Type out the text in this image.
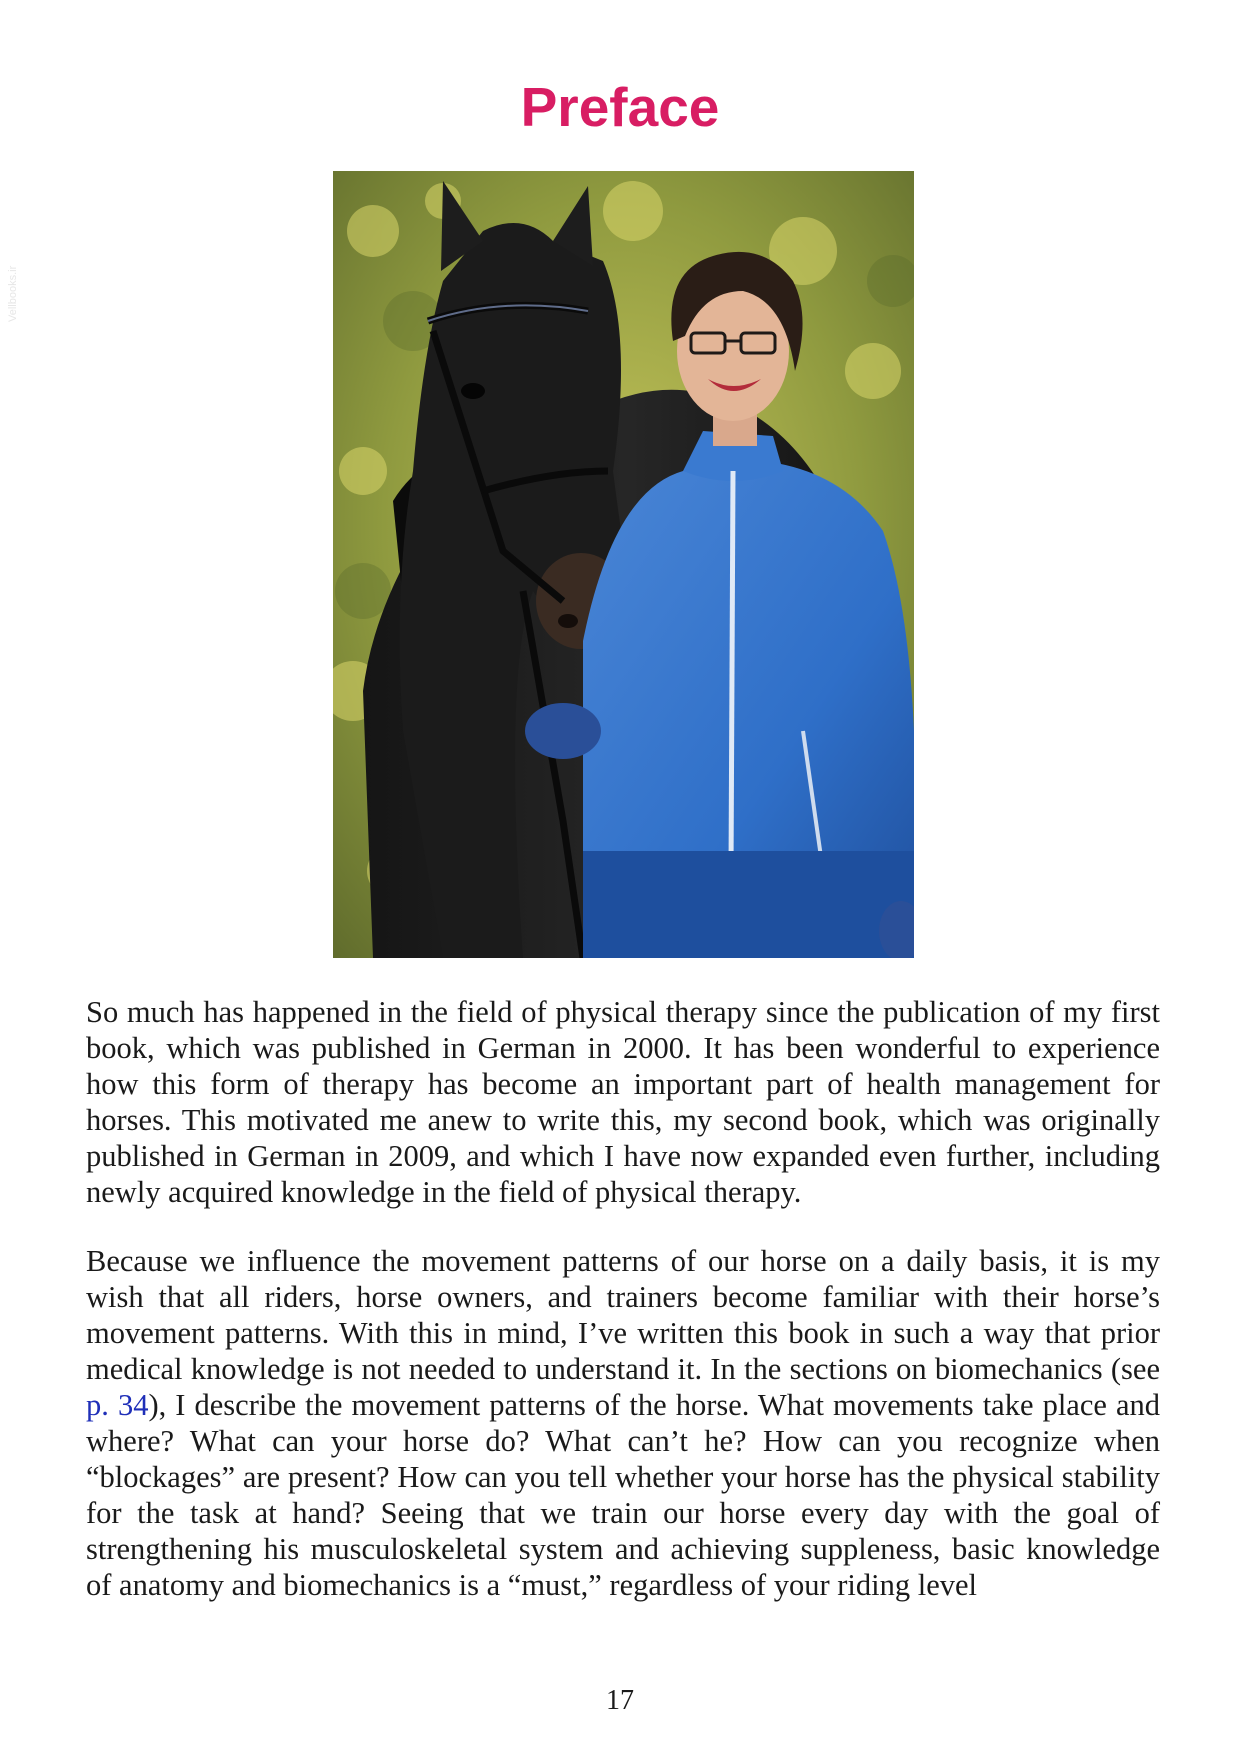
Vellbooks.ir
Preface

So much has happened in the field of physical therapy since the publication of my first book, which was published in German in 2000. It has been wonderful to experience how this form of therapy has become an important part of health management for horses. This motivated me anew to write this, my second book, which was originally published in German in 2009, and which I have now expanded even further, including newly acquired knowledge in the field of physical therapy.

Because we influence the movement patterns of our horse on a daily basis, it is my wish that all riders, horse owners, and trainers become familiar with their horse’s movement patterns. With this in mind, I’ve written this book in such a way that prior medical knowledge is not needed to understand it. In the sections on biomechanics (see p. 34), I describe the movement patterns of the horse. What movements take place and where? What can your horse do? What can’t he? How can you recognize when “blockages” are present? How can you tell whether your horse has the physical stability for the task at hand? Seeing that we train our horse every day with the goal of strengthening his musculoskeletal system and achieving suppleness, basic knowledge of anatomy and biomechanics is a “must,” regardless of your riding level

17
